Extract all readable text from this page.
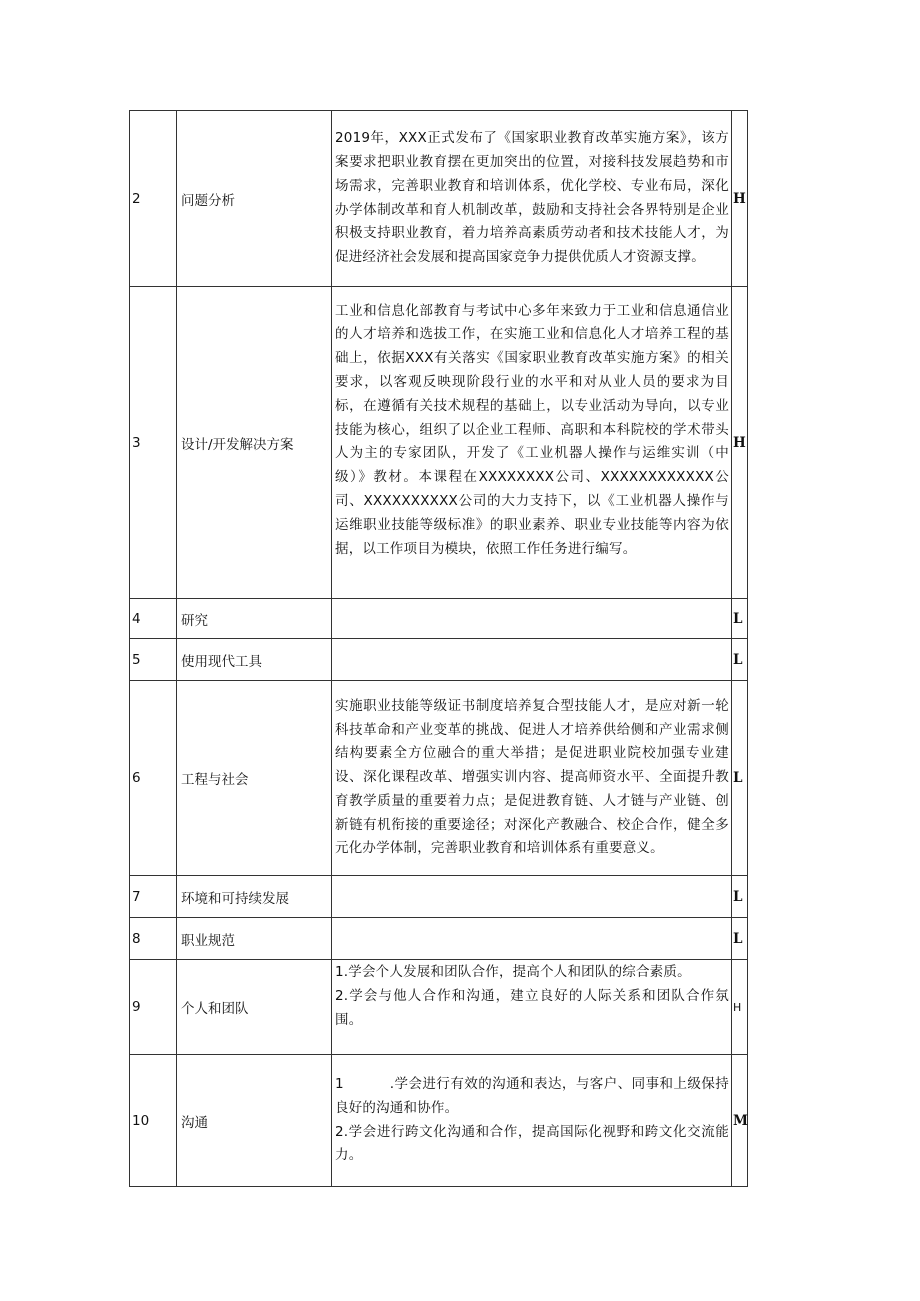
2	问题分析	2019年，XXX正式发布了《国家职业教育改革实施方案》，该方案要求把职业教育摆在更加突出的位置，对接科技发展趋势和市场需求，完善职业教育和培训体系，优化学校、专业布局，深化办学体制改革和育人机制改革，鼓励和支持社会各界特别是企业积极支持职业教育，着力培养高素质劳动者和技术技能人才，为促进经济社会发展和提高国家竞争力提供优质人才资源支撑。	H
3	设计/开发解决方案	工业和信息化部教育与考试中心多年来致力于工业和信息通信业的人才培养和选拔工作，在实施工业和信息化人才培养工程的基础上，依据XXX有关落实《国家职业教育改革实施方案》的相关要求，以客观反映现阶段行业的水平和对从业人员的要求为目标，在遵循有关技术规程的基础上，以专业活动为导向，以专业技能为核心，组织了以企业工程师、高职和本科院校的学术带头人为主的专家团队，开发了《工业机器人操作与运维实训（中级）》教材。本课程在XXXXXXXX公司、XXXXXXXXXXXX公司、XXXXXXXXXX公司的大力支持下，以《工业机器人操作与运维职业技能等级标准》的职业素养、职业专业技能等内容为依据，以工作项目为模块，依照工作任务进行编写。	H
4	研究		L
5	使用现代工具		L
6	工程与社会	实施职业技能等级证书制度培养复合型技能人才，是应对新一轮科技革命和产业变革的挑战、促进人才培养供给侧和产业需求侧结构要素全方位融合的重大举措；是促进职业院校加强专业建设、深化课程改革、增强实训内容、提高师资水平、全面提升教育教学质量的重要着力点；是促进教育链、人才链与产业链、创新链有机衔接的重要途径；对深化产教融合、校企合作，健全多元化办学体制，完善职业教育和培训体系有重要意义。	L
7	环境和可持续发展		L
8	职业规范		L
9	个人和团队	1.学会个人发展和团队合作，提高个人和团队的综合素质。
2.学会与他人合作和沟通，建立良好的人际关系和团队合作氛围。	H
10	沟通	1 .学会进行有效的沟通和表达，与客户、同事和上级保持良好的沟通和协作。
2.学会进行跨文化沟通和合作，提高国际化视野和跨文化交流能力。	M
